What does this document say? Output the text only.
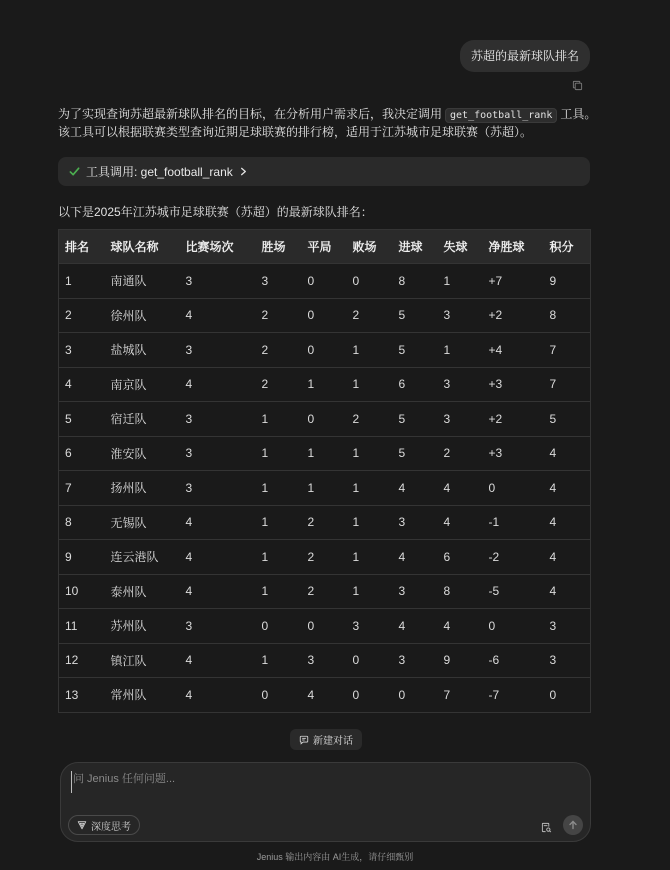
苏超的最新球队排名
为了实现查询苏超最新球队排名的目标，在分析用户需求后，我决定调用 get_football_rank 工具。
该工具可以根据联赛类型查询近期足球联赛的排行榜，适用于江苏城市足球联赛（苏超）。
工具调用: get_football_rank
以下是2025年江苏城市足球联赛（苏超）的最新球队排名：
排名	球队名称	比赛场次	胜场	平局	败场	进球	失球	净胜球	积分
1	南通队	3	3	0	0	8	1	+7	9
2	徐州队	4	2	0	2	5	3	+2	8
3	盐城队	3	2	0	1	5	1	+4	7
4	南京队	4	2	1	1	6	3	+3	7
5	宿迁队	3	1	0	2	5	3	+2	5
6	淮安队	3	1	1	1	5	2	+3	4
7	扬州队	3	1	1	1	4	4	0	4
8	无锡队	4	1	2	1	3	4	-1	4
9	连云港队	4	1	2	1	4	6	-2	4
10	泰州队	4	1	2	1	3	8	-5	4
11	苏州队	3	0	0	3	4	4	0	3
12	镇江队	4	1	3	0	3	9	-6	3
13	常州队	4	0	4	0	0	7	-7	0
新建对话
问 Jenius 任何问题...
深度思考
Jenius 输出内容由 AI生成，请仔细甄别
